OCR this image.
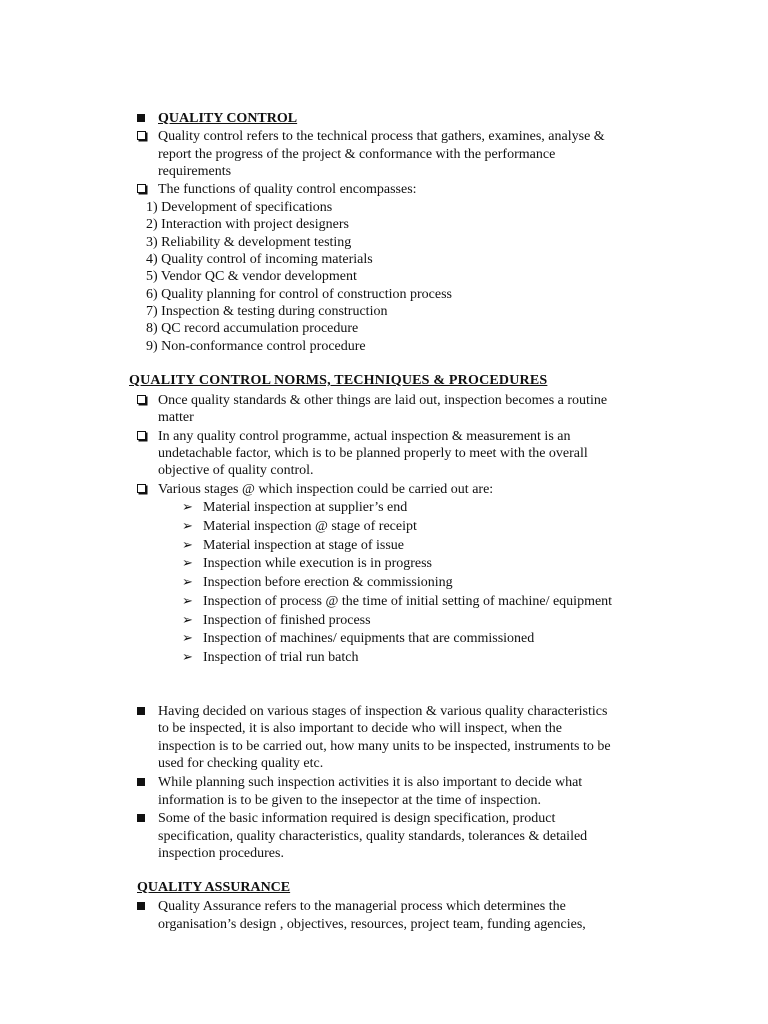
QUALITY CONTROL
Quality control refers to the technical process that gathers, examines, analyse &
report the progress of the project & conformance with the performance
requirements
The functions of quality control encompasses:
1) Development of specifications
2) Interaction with project designers
3) Reliability & development testing
4) Quality control of incoming materials
5) Vendor QC & vendor development
6) Quality planning for control of construction process
7) Inspection & testing during construction
8) QC record accumulation procedure
9) Non-conformance control procedure
QUALITY CONTROL NORMS, TECHNIQUES & PROCEDURES
Once quality standards & other things are laid out, inspection becomes a routine
matter
In any quality control programme, actual inspection & measurement is an
undetachable factor, which is to be planned properly to meet with the overall
objective of quality control.
Various stages @ which inspection could be carried out are:
➢ Material inspection at supplier’s end
➢ Material inspection @ stage of receipt
➢ Material inspection at stage of issue
➢ Inspection while execution is in progress
➢ Inspection before erection & commissioning
➢ Inspection of process @ the time of initial setting of machine/ equipment
➢ Inspection of finished process
➢ Inspection of machines/ equipments that are commissioned
➢ Inspection of trial run batch
Having decided on various stages of inspection & various quality characteristics
to be inspected, it is also important to decide who will inspect, when the
inspection is to be carried out, how many units to be inspected, instruments to be
used for checking quality etc.
While planning such inspection activities it is also important to decide what
information is to be given to the insepector at the time of inspection.
Some of the basic information required is design specification, product
specification, quality characteristics, quality standards, tolerances & detailed
inspection procedures.
QUALITY ASSURANCE
Quality Assurance refers to the managerial process which determines the
organisation’s design , objectives, resources, project team, funding agencies,
